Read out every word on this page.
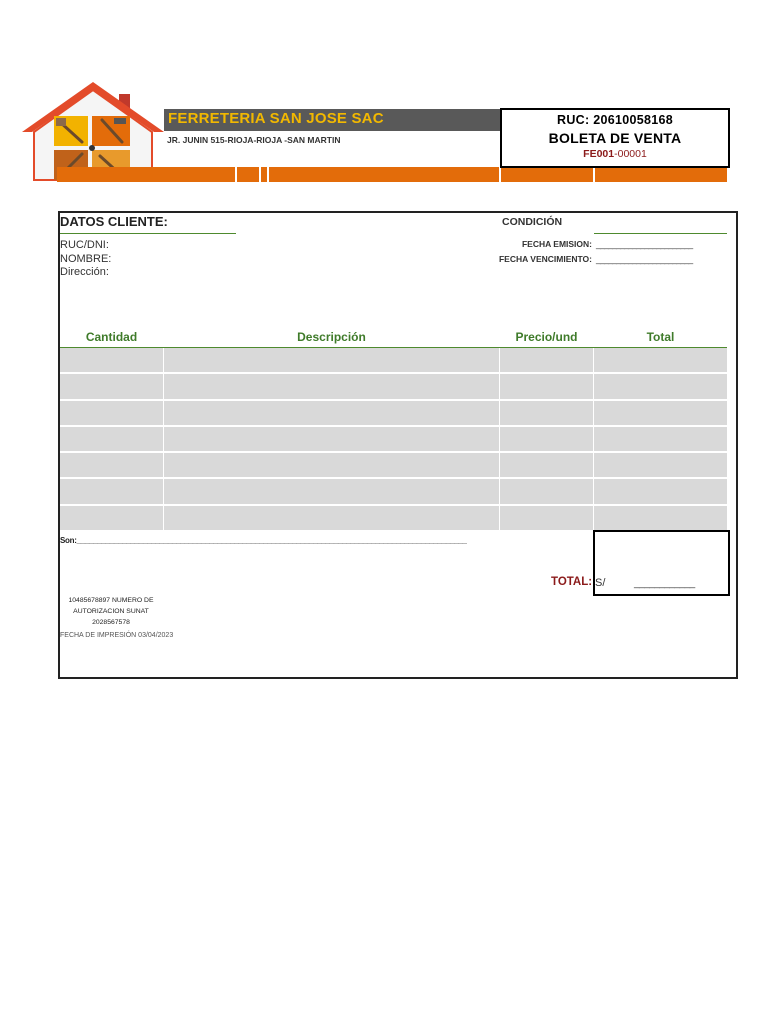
FERRETERIA SAN JOSE SAC
JR. JUNIN 515-RIOJA-RIOJA -SAN MARTIN
RUC: 20610058168
BOLETA DE VENTA
FE001-00001
DATOS CLIENTE:	CONDICIÓN
RUC/DNI:
NOMBRE:
Dirección:
FECHA EMISION: ________________________
FECHA VENCIMIENTO: ________________________
Cantidad	Descripción	Precio/und	Total
Son:______________________________________________________________________________________________
TOTAL: S/	____________
10485678897 NUMERO DE
AUTORIZACION SUNAT
2028567578
FECHA DE IMPRESIÓN 03/04/2023
